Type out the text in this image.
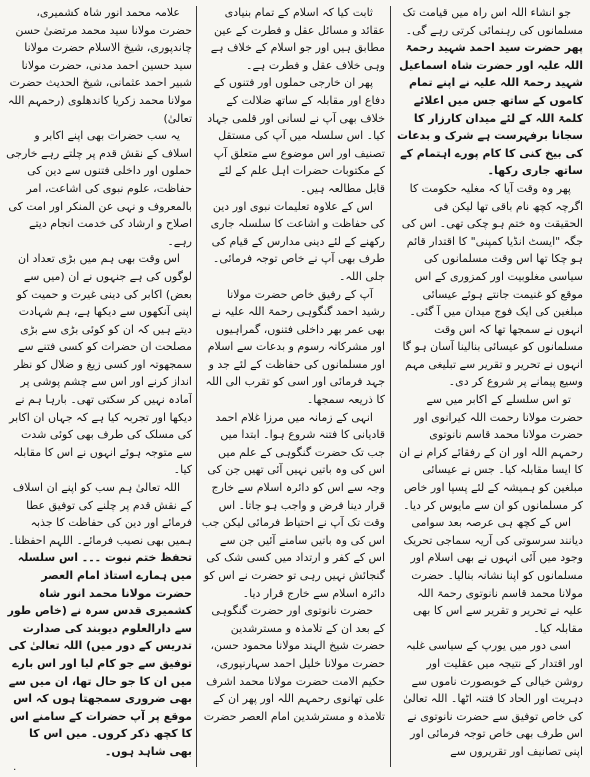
جو انشاء اللہ اس راہ میں قیامت تک مسلمانوں کی رہنمائی کرتی رہے گی۔

پھر حضرت سید احمد شہید رحمۃ اللہ علیہ اور حضرت شاہ اسماعیل شہید رحمۃ اللہ علیہ نے اپنے تمام کاموں کے ساتھ جس میں اعلائے کلمۃ اللہ کے لئے میدان کارزار کا سجانا برفہرست ہے شرک و بدعات کی بیخ کنی کا کام پورے اہتمام کے ساتھ جاری رکھا۔

پھر وہ وقت آیا کہ مغلیہ حکومت کا اگرچہ کچھ نام باقی تھا لیکن فی الحقیقت وہ ختم ہو چکی تھی۔ اس کی جگہ "ایسٹ انڈیا کمپنی" کا اقتدار قائم ہو چکا تھا اس وقت مسلمانوں کی سیاسی مغلوبیت اور کمزوری کے اس موقع کو غنیمت جانتے ہوئے عیسائی مبلغین کی ایک فوج میدان میں آ گئی۔ انہوں نے سمجھا تھا کہ اس وقت مسلمانوں کو عیسائی بنالینا آسان ہو گا انہوں نے تحریر و تقریر سے تبلیغی مہم وسیع پیمانے پر شروع کر دی۔

تو اس سلسلے کے اکابر میں سے حضرت مولانا رحمت اللہ کیرانوی اور حضرت مولانا محمد قاسم نانوتوی رحمہم اللہ اور ان کے رفقائے کرام نے ان کا ایسا مقابلہ کیا۔ جس نے عیسائی مبلغین کو ہمیشہ کے لئے پسپا اور خاص کر مسلمانوں کو ان سے مایوس کر دیا۔

اس کے کچھ ہی عرصہ بعد سوامی دیانند سرسوتی کی آریہ سماجی تحریک وجود میں آئی انہوں نے بھی اسلام اور مسلمانوں کو اپنا نشانہ بنالیا۔ حضرت مولانا محمد قاسم نانوتوی رحمۃ اللہ علیہ نے تحریر و تقریر سے اس کا بھی مقابلہ کیا۔

اسی دور میں یورپ کے سیاسی غلبہ اور اقتدار کے نتیجہ میں عقلیت اور روشن خیالی کے خوبصورت ناموں سے دہریت اور الحاد کا فتنہ اٹھا۔ اللہ تعالیٰ کی خاص توفیق سے حضرت نانوتوی نے اس طرف بھی خاص توجہ فرمائی اور اپنی تصانیف اور تقریروں سے

ثابت کیا کہ اسلام کے تمام بنیادی عقائد و مسائل عقل و فطرت کے عین مطابق ہیں اور جو اسلام کے خلاف ہے وہی خلاف عقل و فطرت ہے۔

پھر ان خارجی حملوں اور فتنوں کے دفاع اور مقابلہ کے ساتھ ضلالت کے خلاف بھی آپ نے لسانی اور قلمی جہاد کیا۔ اس سلسلہ میں آپ کی مستقل تصنیف اور اس موضوع سے متعلق آپ کے مکتوبات حضرات اہل علم کے لئے قابل مطالعہ ہیں۔

اس کے علاوہ تعلیمات نبوی اور دین کی حفاظت و اشاعت کا سلسلہ جاری رکھنے کے لئے دینی مدارس کے قیام کی طرف بھی آپ نے خاص توجہ فرمائی۔ جلی اللہ۔

آپ کے رفیق خاص حضرت مولانا رشید احمد گنگوہی رحمۃ اللہ علیہ نے بھی عمر بھر داخلی فتنوں، گمراہیوں اور مشرکانہ رسوم و بدعات سے اسلام اور مسلمانوں کی حفاظت کے لئے جد و جہد فرمائی اور اسی کو تقرب الی اللہ کا ذریعہ سمجھا۔

انہی کے زمانہ میں مرزا غلام احمد قادیانی کا فتنہ شروع ہوا۔ ابتدا میں جب تک حضرت گنگوہی کے علم میں اس کی وہ باتیں نہیں آئی تھیں جن کی وجہ سے اس کو دائرہ اسلام سے خارج قرار دینا فرض و واجب ہو جاتا۔ اس وقت تک آپ نے احتیاط فرمائی لیکن جب اس کی وہ باتیں سامنے آئیں جن سے اس کے کفر و ارتداد میں کسی شک کی گنجائش نہیں رہی تو حضرت نے اس کو دائرہ اسلام سے خارج قرار دیا۔

حضرت نانوتوی اور حضرت گنگوہی کے بعد ان کے تلامذہ و مسترشدین حضرت شیخ الہند مولانا محمود حسن، حضرت مولانا خلیل احمد سہارنپوری، حکیم الامت حضرت مولانا محمد اشرف علی تھانوی رحمہم اللہ اور پھر ان کے تلامذہ و مسترشدین امام العصر حضرت

علامہ محمد انور شاہ کشمیری، حضرت مولانا سید محمد مرتضیٰ حسن چاندپوری، شیخ الاسلام حضرت مولانا سید حسین احمد مدنی، حضرت مولانا شبیر احمد عثمانی، شیخ الحدیث حضرت مولانا محمد زکریا کاندھلوی (رحمہم اللہ تعالیٰ)

یہ سب حضرات بھی اپنے اکابر و اسلاف کے نقش قدم پر چلتے رہے خارجی حملوں اور داخلی فتنوں سے دین کی حفاظت، علوم نبوی کی اشاعت، امر بالمعروف و نہی عن المنکر اور امت کی اصلاح و ارشاد کی خدمت انجام دیتے رہے۔

اس وقت بھی ہم میں بڑی تعداد ان لوگوں کی ہے جنہوں نے ان (میں سے بعض) اکابر کی دینی غیرت و حمیت کو اپنی آنکھوں سے دیکھا ہے، ہم شہادت دیتے ہیں کہ ان کو کوئی بڑی سے بڑی مصلحت ان حضرات کو کسی فتنے سے سمجھوتہ اور کسی زیغ و ضلال کو نظر انداز کرنے اور اس سے چشم پوشی پر آمادہ نہیں کر سکتی تھی۔ بارہا ہم نے دیکھا اور تجربہ کیا ہے کہ جہاں ان اکابر کی مسلک کی طرف بھی کوئی شدت سے متوجہ ہوئے انہوں نے اس کا مقابلہ کیا۔

اللہ تعالیٰ ہم سب کو اپنے ان اسلاف کے نقش قدم پر چلنے کی توفیق عطا فرمائے اور دین کی حفاظت کا جذبہ ہمیں بھی نصیب فرمائے۔ اللہم احفظنا۔

تحفظ ختم نبوت ۔۔۔ اس سلسلہ میں ہمارے استاذ امام العصر حضرت مولانا محمد انور شاہ کشمیری قدس سرہ نے (خاص طور سے دارالعلوم دیوبند کی صدارت تدریس کے دور میں) اللہ تعالیٰ کی توفیق سے جو کام لیا اور اس بارے میں ان کا جو حال تھا، ان میں سے بھی ضروری سمجھتا ہوں کہ اس موقع پر آپ حضرات کے سامنے اس کا کچھ ذکر کروں۔ میں اس کا بھی شاہد ہوں۔

۰
